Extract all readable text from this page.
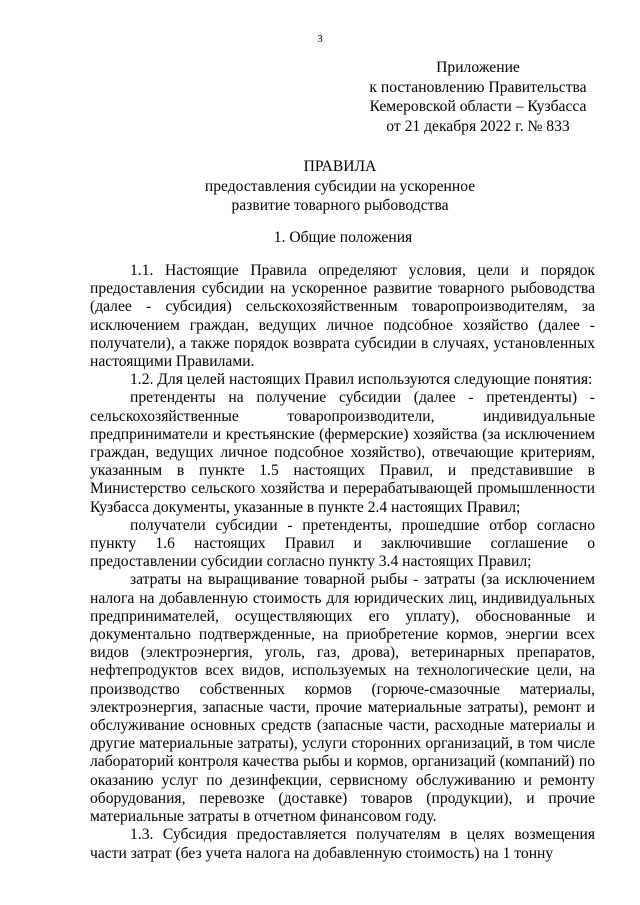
3
Приложение
к постановлению Правительства
Кемеровской области – Кузбасса
от 21 декабря 2022 г. № 833
ПРАВИЛА
предоставления субсидии на ускоренное
развитие товарного рыбоводства
1. Общие положения

1.1. Настоящие Правила определяют условия, цели и порядок предоставления субсидии на ускоренное развитие товарного рыбоводства (далее - субсидия) сельскохозяйственным товаропроизводителям, за исключением граждан, ведущих личное подсобное хозяйство (далее - получатели), а также порядок возврата субсидии в случаях, установленных настоящими Правилами.

1.2. Для целей настоящих Правил используются следующие понятия:

претенденты на получение субсидии (далее - претенденты) - сельскохозяйственные товаропроизводители, индивидуальные предприниматели и крестьянские (фермерские) хозяйства (за исключением граждан, ведущих личное подсобное хозяйство), отвечающие критериям, указанным в пункте 1.5 настоящих Правил, и представившие в Министерство сельского хозяйства и перерабатывающей промышленности Кузбасса документы, указанные в пункте 2.4 настоящих Правил;

получатели субсидии - претенденты, прошедшие отбор согласно пункту 1.6 настоящих Правил и заключившие соглашение о предоставлении субсидии согласно пункту 3.4 настоящих Правил;

затраты на выращивание товарной рыбы - затраты (за исключением налога на добавленную стоимость для юридических лиц, индивидуальных предпринимателей, осуществляющих его уплату), обоснованные и документально подтвержденные, на приобретение кормов, энергии всех видов (электроэнергия, уголь, газ, дрова), ветеринарных препаратов, нефтепродуктов всех видов, используемых на технологические цели, на производство собственных кормов (горюче-смазочные материалы, электроэнергия, запасные части, прочие материальные затраты), ремонт и обслуживание основных средств (запасные части, расходные материалы и другие материальные затраты), услуги сторонних организаций, в том числе лабораторий контроля качества рыбы и кормов, организаций (компаний) по оказанию услуг по дезинфекции, сервисному обслуживанию и ремонту оборудования, перевозке (доставке) товаров (продукции), и прочие материальные затраты в отчетном финансовом году.

1.3. Субсидия предоставляется получателям в целях возмещения части затрат (без учета налога на добавленную стоимость) на 1 тонну
